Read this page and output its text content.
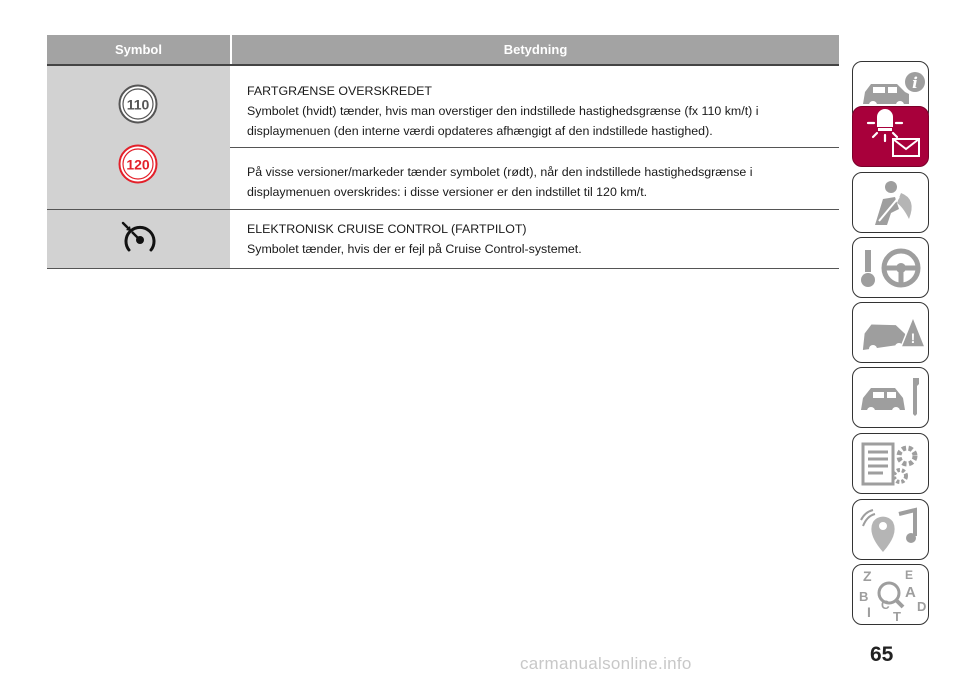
Symbol	Betydning
110
120

FARTGRÆNSE OVERSKREDET

Symbolet (hvidt) tænder, hvis man overstiger den indstillede hastighedsgrænse (fx 110 km/t) i

displaymenuen (den interne værdi opdateres afhængigt af den indstillede hastighed).

På visse versioner/markeder tænder symbolet (rødt), når den indstillede hastighedsgrænse i

displaymenuen overskrides: i disse versioner er den indstillet til 120 km/t.

ELEKTRONISK CRUISE CONTROL (FARTPILOT)

Symbolet tænder, hvis der er fejl på Cruise Control-systemet.

i
!
Z	E
B A
C D
I T
65
carmanualsonline.info
